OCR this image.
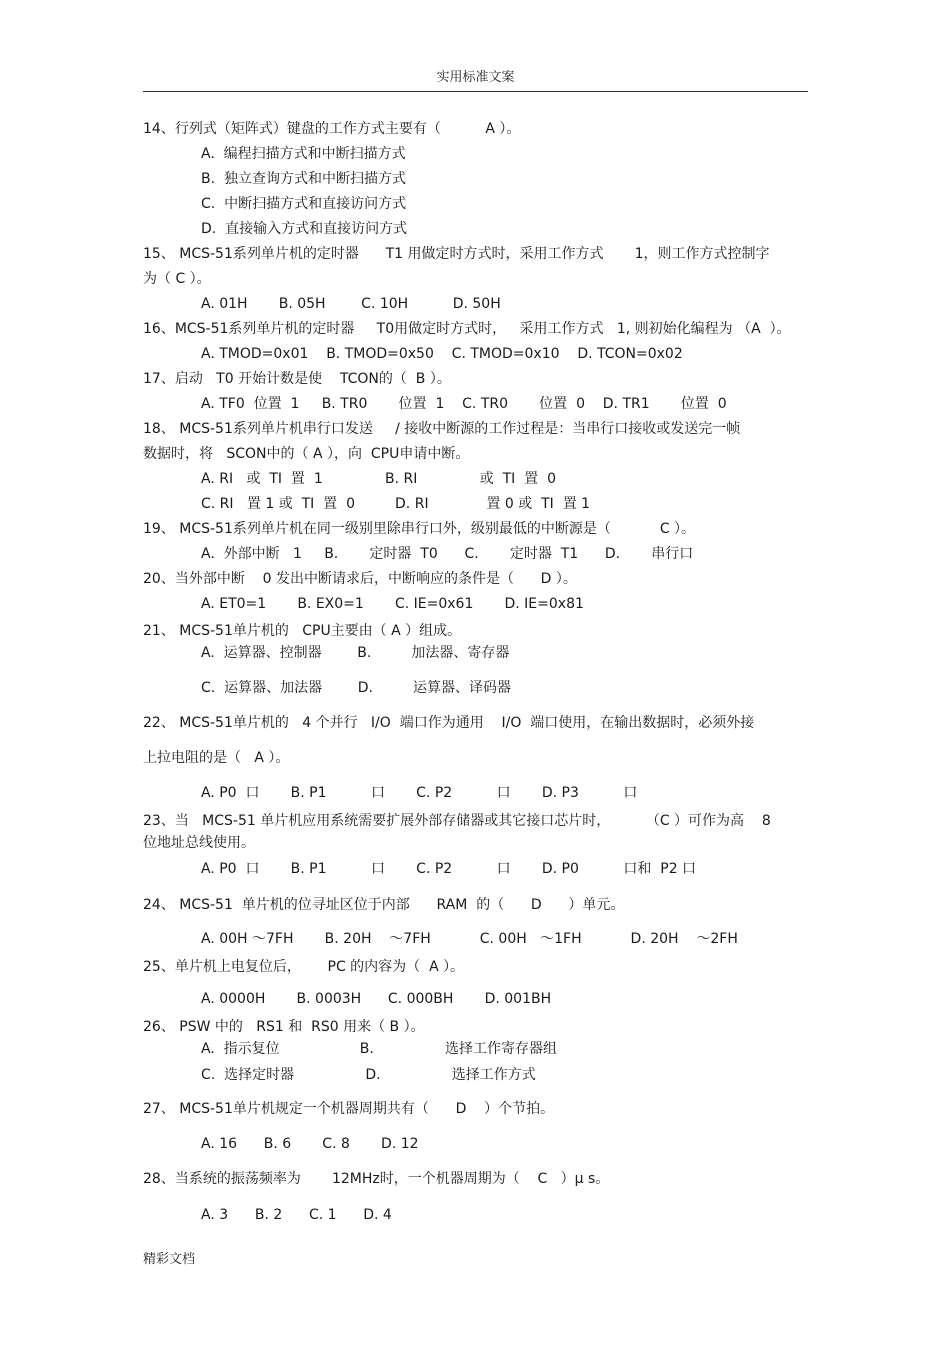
实用标准文案
14、行列式（矩阵式）键盘的工作方式主要有（          A ）。
A.  编程扫描方式和中断扫描方式
B.  独立查询方式和中断扫描方式
C.  中断扫描方式和直接访问方式
D.  直接输入方式和直接访问方式
15、 MCS-51系列单片机的定时器      T1 用做定时方式时，采用工作方式       1，则工作方式控制字
为（ C ）。
A. 01H       B. 05H        C. 10H          D. 50H
16、MCS-51系列单片机的定时器     T0用做定时方式时，   采用工作方式   1, 则初始化编程为 （A  ）。
A. TMOD=0x01    B. TMOD=0x50    C. TMOD=0x10    D. TCON=0x02
17、启动   T0 开始计数是使    TCON的（  B ）。
A. TF0  位置  1     B. TR0       位置  1    C. TR0       位置  0    D. TR1       位置  0
18、 MCS-51系列单片机串行口发送     / 接收中断源的工作过程是：当串行口接收或发送完一帧
数据时，将   SCON中的（ A ），向  CPU申请中断。
A. RI   或  TI  置  1              B. RI              或  TI  置  0
C. RI   置 1 或  TI  置  0         D. RI             置 0 或  TI  置 1
19、 MCS-51系列单片机在同一级别里除串行口外，级别最低的中断源是（           C ）。
A.  外部中断   1     B.       定时器  T0      C.       定时器  T1      D.       串行口
20、当外部中断    0 发出中断请求后，中断响应的条件是（      D ）。
A. ET0=1       B. EX0=1       C. IE=0x61       D. IE=0x81
21、 MCS-51单片机的   CPU主要由（ A ）组成。
A.  运算器、控制器        B.         加法器、寄存器
C.  运算器、加法器        D.         运算器、译码器
22、 MCS-51单片机的   4 个并行   I/O  端口作为通用    I/O  端口使用，在输出数据时，必须外接
上拉电阻的是（   A ）。
A. P0  口       B. P1          口       C. P2          口       D. P3          口
23、当   MCS-51 单片机应用系统需要扩展外部存储器或其它接口芯片时，        （C ）可作为高    8
位地址总线使用。
A. P0  口       B. P1          口       C. P2          口       D. P0          口和  P2 口
24、 MCS-51  单片机的位寻址区位于内部      RAM  的（      D      ）单元。
A. 00H ～7FH       B. 20H    ～7FH           C. 00H   ～1FH           D. 20H    ～2FH
25、单片机上电复位后，      PC 的内容为（  A ）。
A. 0000H       B. 0003H      C. 000BH       D. 001BH
26、 PSW 中的   RS1 和  RS0 用来（ B ）。
A.  指示复位                  B.                选择工作寄存器组
C.  选择定时器                D.                选择工作方式
27、 MCS-51单片机规定一个机器周期共有（      D    ）个节拍。
A. 16      B. 6       C. 8       D. 12
28、当系统的振荡频率为       12MHz时，一个机器周期为（    C   ）μ s。
A. 3      B. 2      C. 1      D. 4
精彩文档
